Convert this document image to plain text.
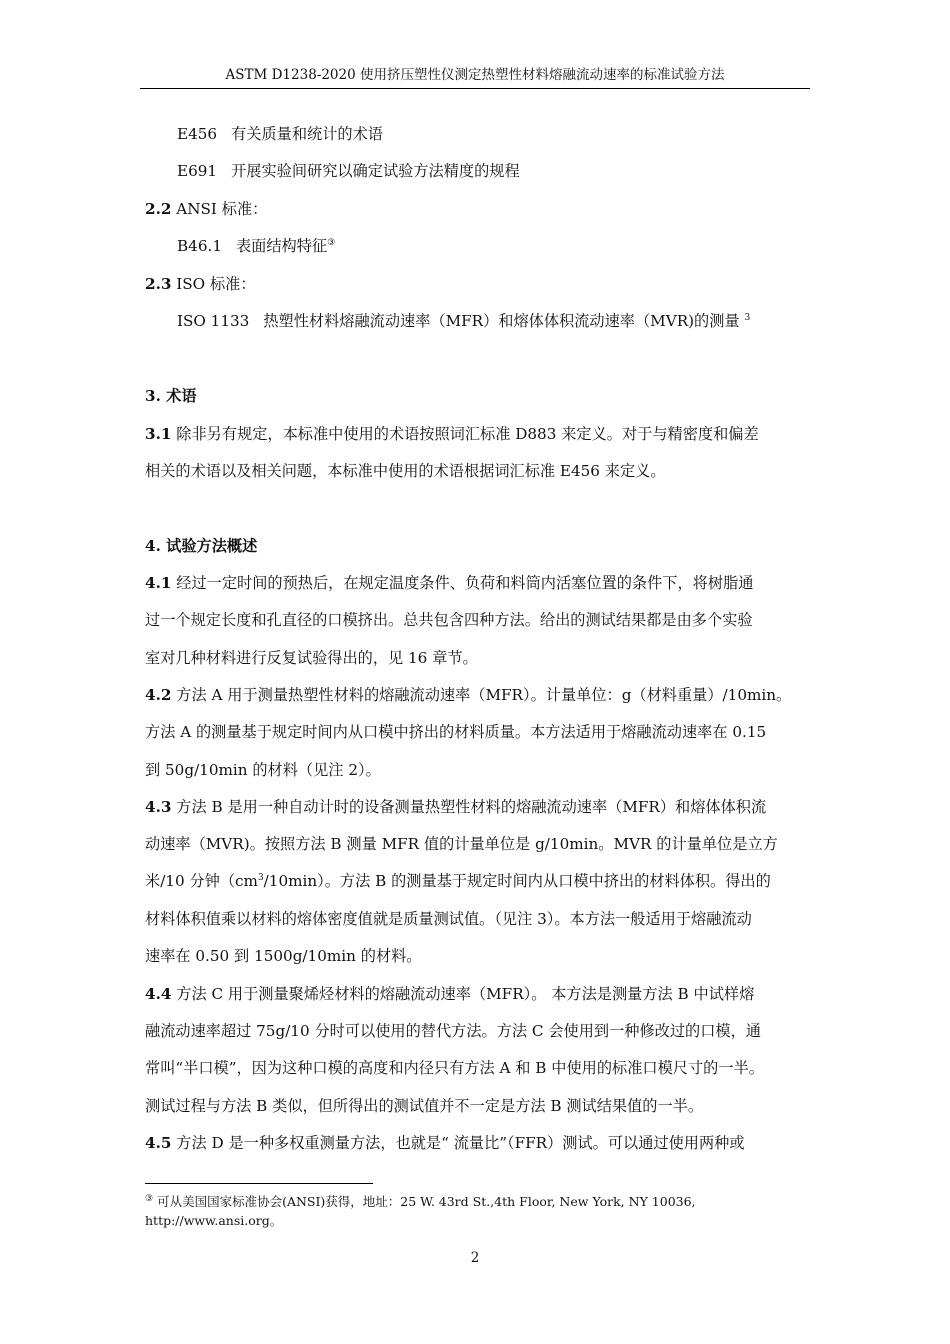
ASTM D1238-2020 使用挤压塑性仪测定热塑性材料熔融流动速率的标准试验方法
E456 有关质量和统计的术语
E691 开展实验间研究以确定试验方法精度的规程
2.2 ANSI 标准：
B46.1 表面结构特征③
2.3 ISO 标准：
ISO 1133 热塑性材料熔融流动速率（MFR）和熔体体积流动速率（MVR)的测量 $^3$
3. 术语
3.1 除非另有规定，本标准中使用的术语按照词汇标准 D883 来定义。对于与精密度和偏差
相关的术语以及相关问题，本标准中使用的术语根据词汇标准 E456 来定义。
4. 试验方法概述
4.1 经过一定时间的预热后，在规定温度条件、负荷和料筒内活塞位置的条件下，将树脂通
过一个规定长度和孔直径的口模挤出。总共包含四种方法。给出的测试结果都是由多个实验
室对几种材料进行反复试验得出的，见 16 章节。
4.2 方法 A 用于测量热塑性材料的熔融流动速率（MFR）。计量单位：g（材料重量）/10min。
方法 A 的测量基于规定时间内从口模中挤出的材料质量。本方法适用于熔融流动速率在 0.15
到 50g/10min 的材料（见注 2）。
4.3 方法 B 是用一种自动计时的设备测量热塑性材料的熔融流动速率（MFR）和熔体体积流
动速率（MVR)。按照方法 B 测量 MFR 值的计量单位是 g/10min。MVR 的计量单位是立方
米/10 分钟$(cm^3/10\min)$。方法 B 的测量基于规定时间内从口模中挤出的材料体积。得出的
材料体积值乘以材料的熔体密度值就是质量测试值。（见注 3）。本方法一般适用于熔融流动
速率在 0.50 到 1500g/10min 的材料。
4.4 方法 C 用于测量聚烯烃材料的熔融流动速率（MFR）。 本方法是测量方法 B 中试样熔
融流动速率超过 75g/10 分时可以使用的替代方法。方法 C 会使用到一种修改过的口模，通
常叫“半口模”，因为这种口模的高度和内径只有方法 A 和 B 中使用的标准口模尺寸的一半。
测试过程与方法 B 类似，但所得出的测试值并不一定是方法 B 测试结果值的一半。
4.5 方法 D 是一种多权重测量方法，也就是“ 流量比”（FFR）测试。可以通过使用两种或
③ 可从美国国家标准协会(ANSI)获得，地址：25 W. 43rd St.,4th Floor, New York, NY 10036,
http://www.ansi.org。
2
